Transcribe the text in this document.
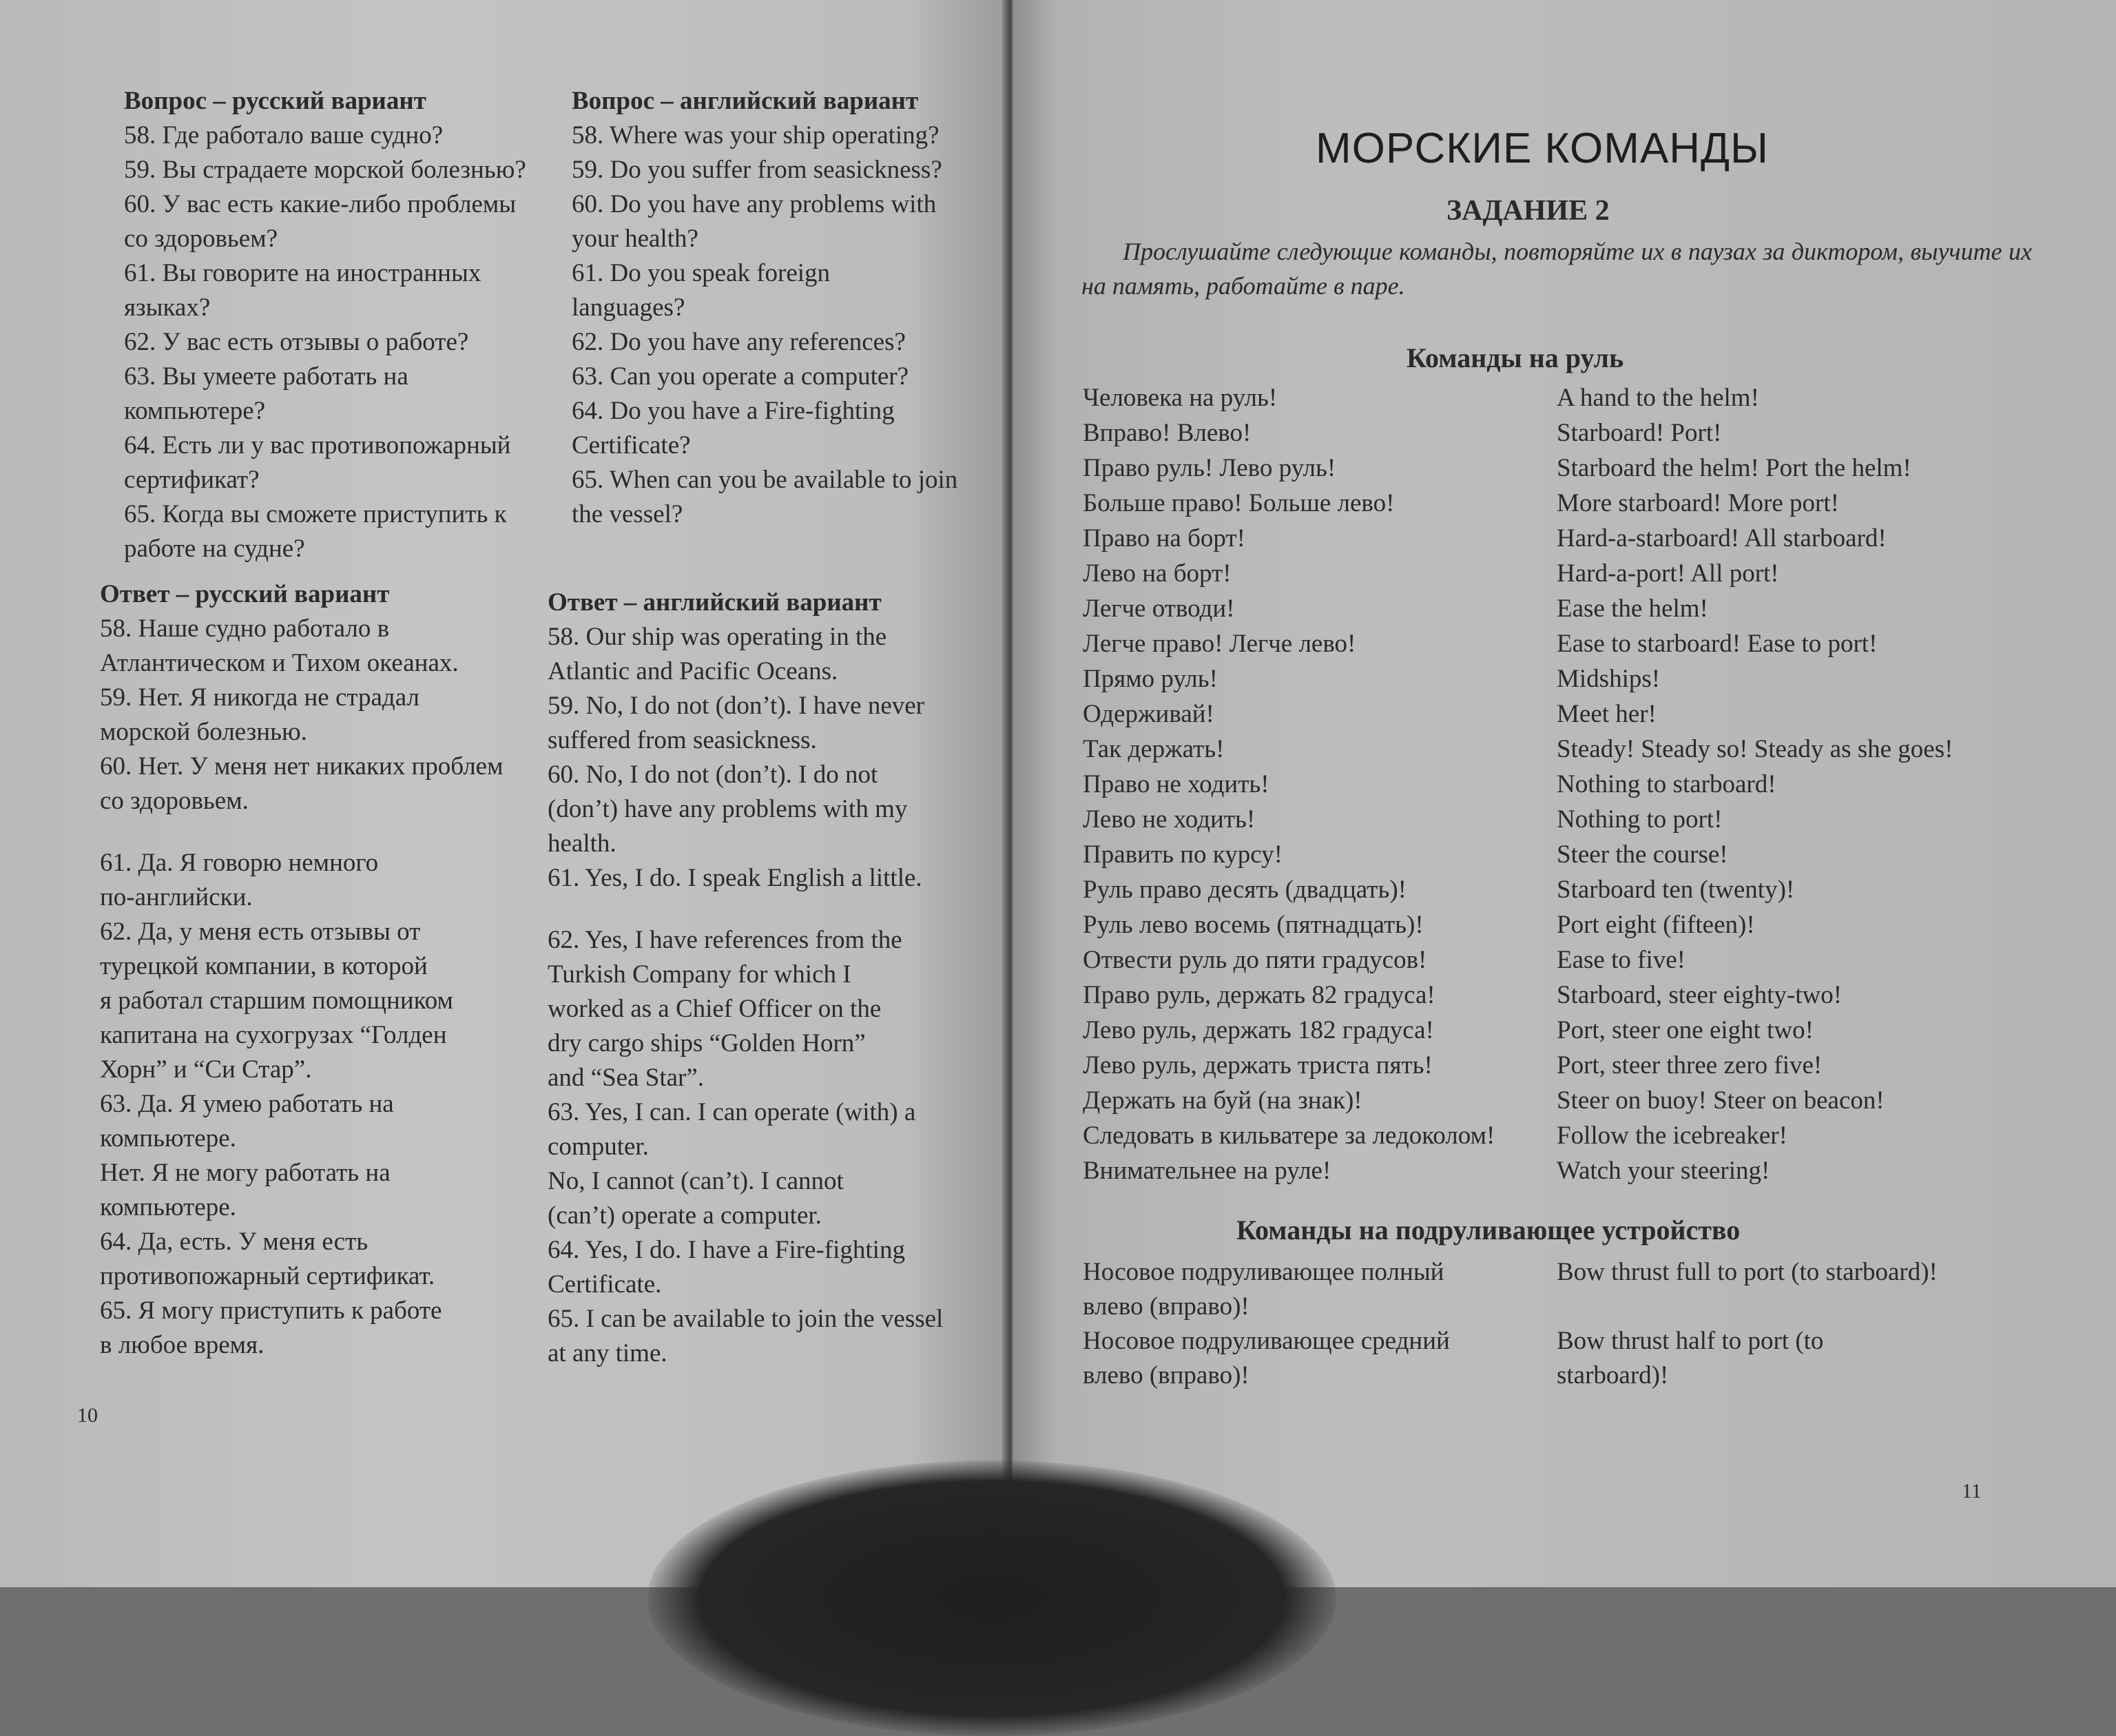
Вопрос – русский вариант

58. Где работало ваше судно?

59. Вы страдаете морской болезнью?

60. У вас есть какие-либо проблемы
со здоровьем?

61. Вы говорите на иностранных
языках?

62. У вас есть отзывы о работе?

63. Вы умеете работать на
компьютере?

64. Есть ли у вас противопожарный
сертификат?

65. Когда вы сможете приступить к
работе на судне?

Вопрос – английский вариант

58. Where was your ship operating?

59. Do you suffer from seasickness?

60. Do you have any problems with
your health?

61. Do you speak foreign
languages?

62. Do you have any references?

63. Can you operate a computer?

64. Do you have a Fire-fighting
Certificate?

65. When can you be available to join
the vessel?

Ответ – русский вариант

58. Наше судно работало в
Атлантическом и Тихом океанах.

59. Нет. Я никогда не страдал
морской болезнью.

60. Нет. У меня нет никаких проблем
со здоровьем.

61. Да. Я говорю немного
по-английски.

62. Да, у меня есть отзывы от
турецкой компании, в которой
я работал старшим помощником
капитана на сухогрузах “Голден
Хорн” и “Си Стар”.

63. Да. Я умею работать на
компьютере.
Нет. Я не могу работать на
компьютере.

64. Да, есть. У меня есть
противопожарный сертификат.

65. Я могу приступить к работе
в любое время.

Ответ – английский вариант

58. Our ship was operating in the
Atlantic and Pacific Oceans.

59. No, I do not (don’t). I have never
suffered from seasickness.

60. No, I do not (don’t). I do not
(don’t) have any problems with my
health.

61. Yes, I do. I speak English a little.

62. Yes, I have references from the
Turkish Company for which I
worked as a Chief Officer on the
dry cargo ships “Golden Horn”
and “Sea Star”.

63. Yes, I can. I can operate (with) a
computer.
No, I cannot (can’t). I cannot
(can’t) operate a computer.

64. Yes, I do. I have a Fire-fighting
Certificate.

65. I can be available to join the vessel
at any time.

10
МОРСКИЕ КОМАНДЫ
ЗАДАНИЕ 2
Прослушайте следующие команды, повторяйте их в паузах за диктором, выучите их на память, работайте в паре.
Команды на руль
Человека на руль!	A hand to the helm!
Вправо! Влево!	Starboard! Port!
Право руль! Лево руль!	Starboard the helm! Port the helm!
Больше право! Больше лево!	More starboard! More port!
Право на борт!	Hard-a-starboard! All starboard!
Лево на борт!	Hard-a-port! All port!
Легче отводи!	Ease the helm!
Легче право! Легче лево!	Ease to starboard! Ease to port!
Прямо руль!	Midships!
Одерживай!	Meet her!
Так держать!	Steady! Steady so! Steady as she goes!
Право не ходить!	Nothing to starboard!
Лево не ходить!	Nothing to port!
Править по курсу!	Steer the course!
Руль право десять (двадцать)!	Starboard ten (twenty)!
Руль лево восемь (пятнадцать)!	Port eight (fifteen)!
Отвести руль до пяти градусов!	Ease to five!
Право руль, держать 82 градуса!	Starboard, steer eighty-two!
Лево руль, держать 182 градуса!	Port, steer one eight two!
Лево руль, держать триста пять!	Port, steer three zero five!
Держать на буй (на знак)!	Steer on buoy! Steer on beacon!
Следовать в кильватере за ледоколом!	Follow the icebreaker!
Внимательнее на руле!	Watch your steering!
Команды на подруливающее устройство
Носовое подруливающее полный
влево (вправо)!
Bow thrust full to port (to starboard)!
Носовое подруливающее средний
влево (вправо)!
Bow thrust half to port (to
starboard)!
11
